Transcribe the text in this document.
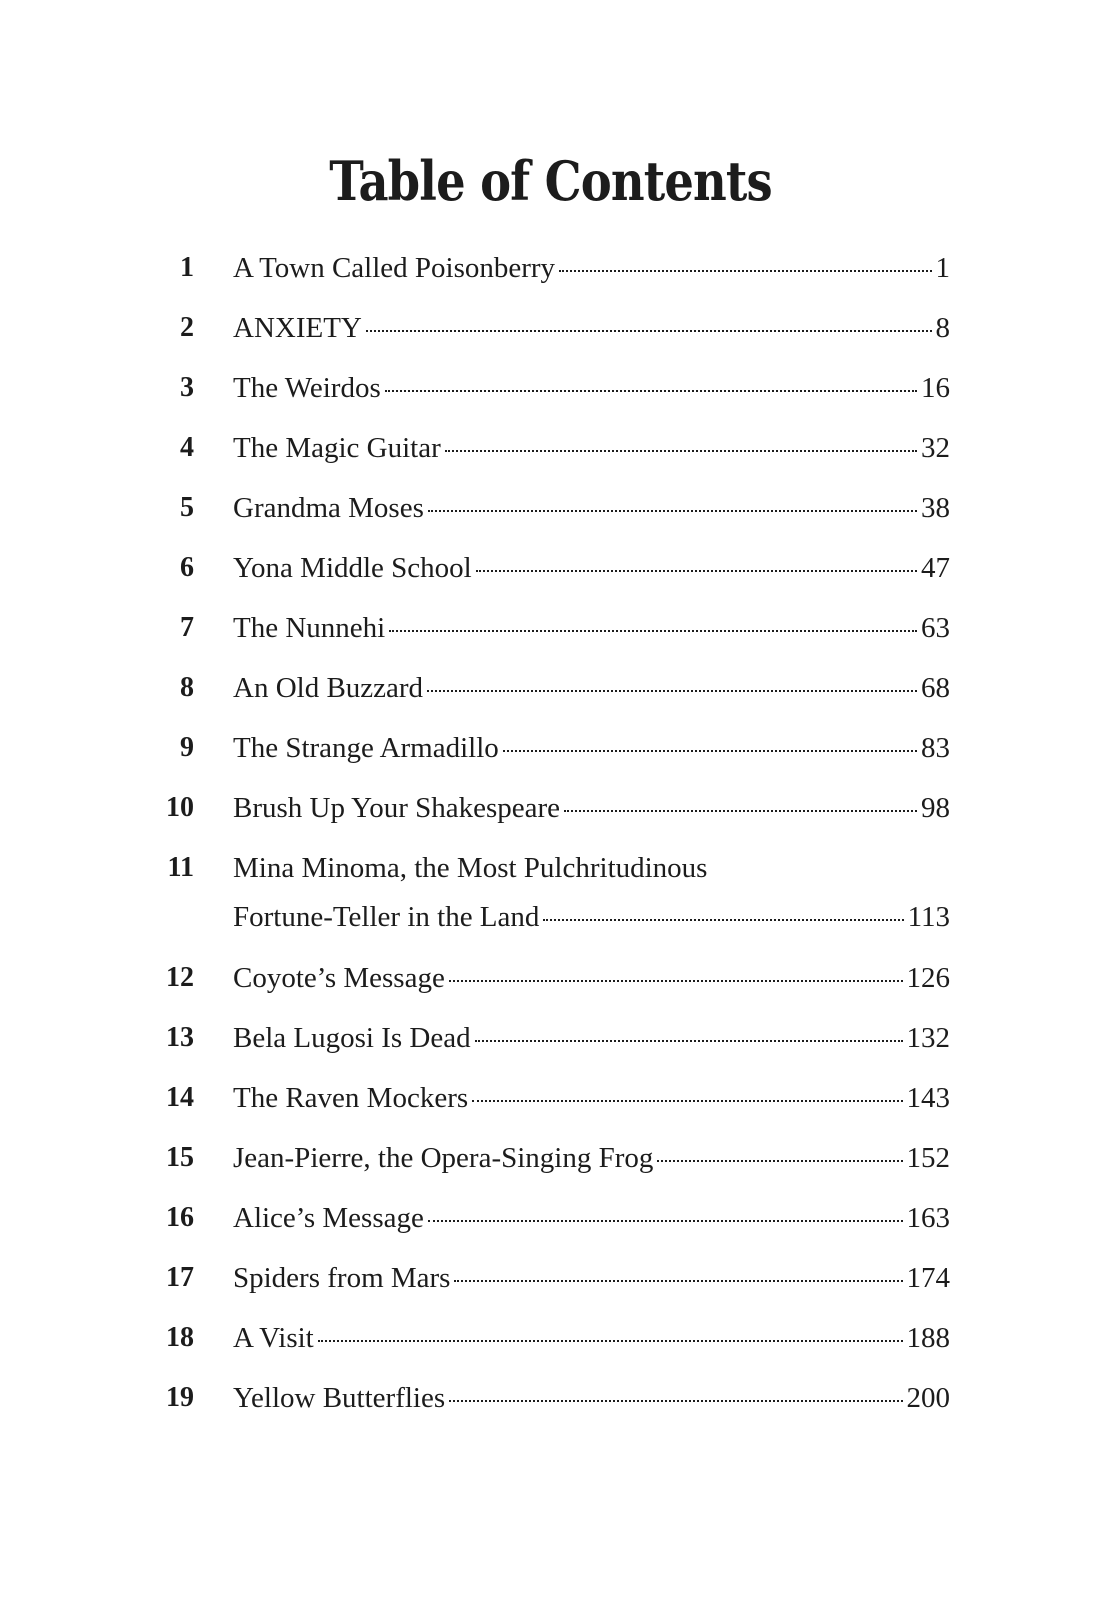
Table of Contents
1 A Town Called Poisonberry	1
2 ANXIETY	8
3 The Weirdos	16
4 The Magic Guitar	32
5 Grandma Moses	38
6 Yona Middle School	47
7 The Nunnehi	63
8 An Old Buzzard	68
9 The Strange Armadillo	83
10 Brush Up Your Shakespeare	98
11 Mina Minoma, the Most Pulchritudinous
Fortune-Teller in the Land	113
12 Coyote’s Message	126
13 Bela Lugosi Is Dead	132
14 The Raven Mockers	143
15 Jean-Pierre, the Opera-Singing Frog	152
16 Alice’s Message	163
17 Spiders from Mars	174
18 A Visit	188
19 Yellow Butterflies	200
